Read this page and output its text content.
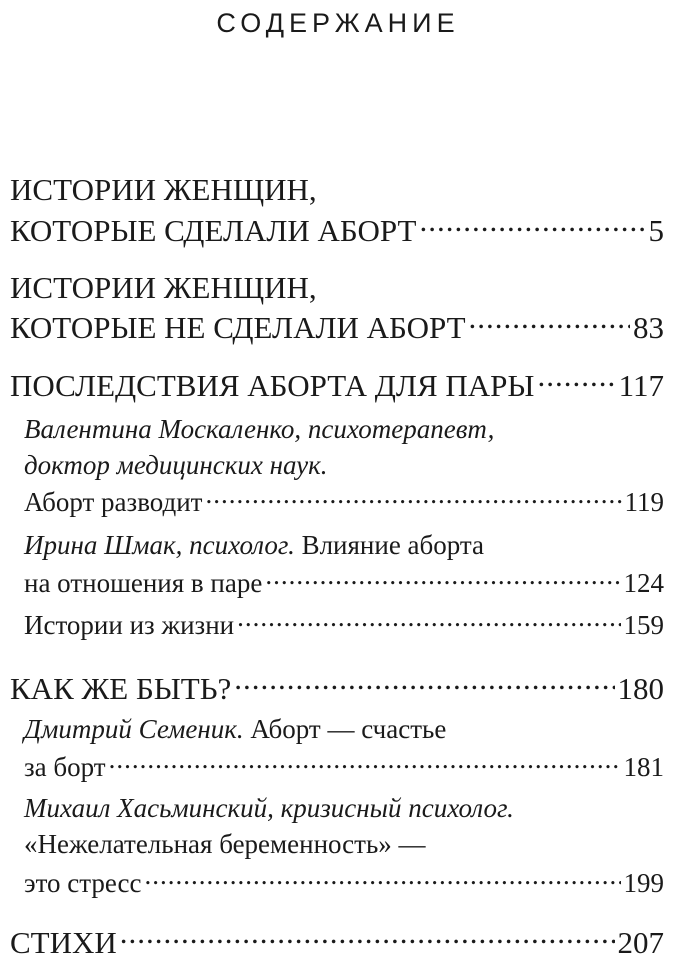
СОДЕРЖАНИЕ
ИСТОРИИ ЖЕНЩИН,
КОТОРЫЕ СДЕЛАЛИ АБОРТ .....	5
ИСТОРИИ ЖЕНЩИН,
КОТОРЫЕ НЕ СДЕЛАЛИ АБОРТ .....	83
ПОСЛЕДСТВИЯ АБОРТА ДЛЯ ПАРЫ .....	117
Валентина Москаленко, психотерапевт,
доктор медицинских наук.
Аборт разводит .....	119
Ирина Шмак, психолог. Влияние аборта
на отношения в паре .....	124
Истории из жизни .....	159
КАК ЖЕ БЫТЬ? .....	180
Дмитрий Семеник. Аборт — счастье
за борт .....	181
Михаил Хасьминский, кризисный психолог.
«Нежелательная беременность» —
это стресс .....	199
СТИХИ .....	207
